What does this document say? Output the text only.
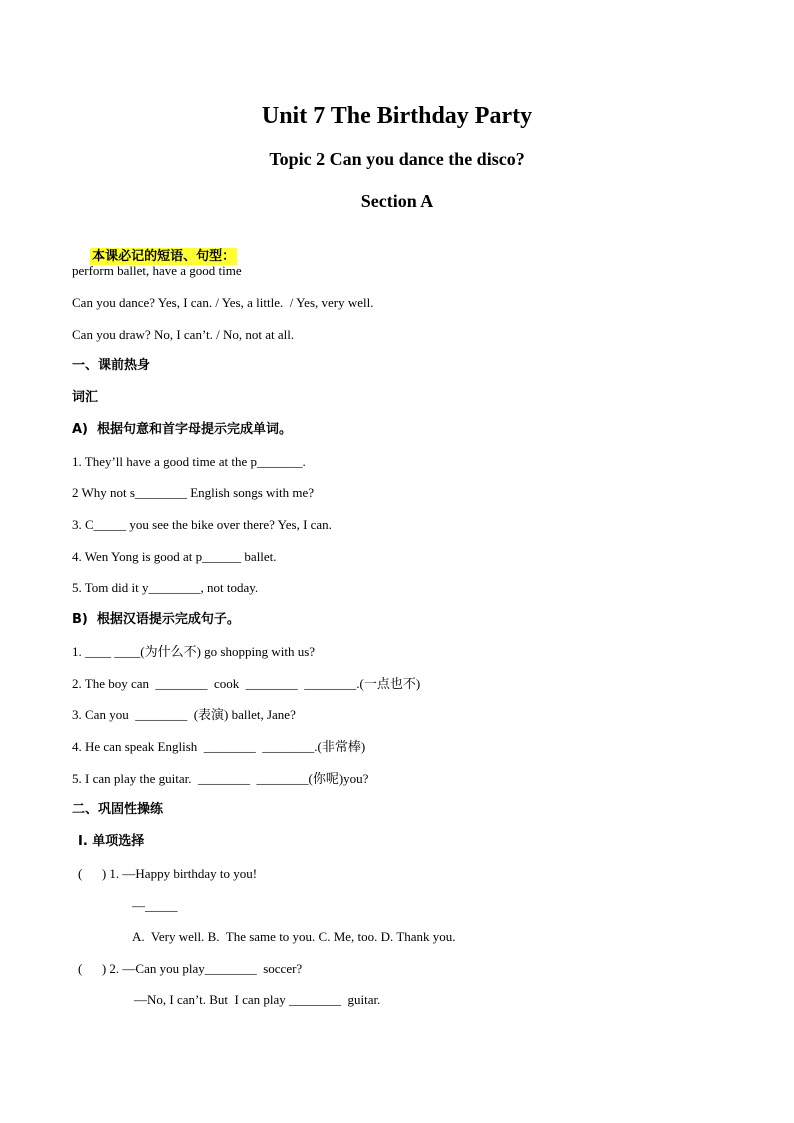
Unit 7 The Birthday Party
Topic 2 Can you dance the disco?
Section A

本课必记的短语、句型：

perform ballet, have a good time
Can you dance? Yes, I can. / Yes, a little.  / Yes, very well.
Can you draw? No, I can’t. / No, not at all.
一、课前热身
词汇
A)  根据句意和首字母提示完成单词。
1. They’ll have a good time at the p_______.
2 Why not s________ English songs with me?
3. C_____ you see the bike over there? Yes, I can.
4. Wen Yong is good at p______ ballet.
5. Tom did it y________, not today.
B)  根据汉语提示完成句子。
1. ____ ____(为什么不) go shopping with us?
2. The boy can  ________  cook  ________  ________.(一点也不)
3. Can you  ________  (表演) ballet, Jane?
4. He can speak English  ________  ________.(非常棒)
5. I can play the guitar.  ________  ________(你呢)you?
二、巩固性操练
Ⅰ. 单项选择
(      ) 1. —Happy birthday to you!
—_____
A.  Very well. B.  The same to you. C. Me, too. D. Thank you.
(      ) 2. —Can you play________  soccer?
—No, I can’t. But  I can play ________  guitar.
